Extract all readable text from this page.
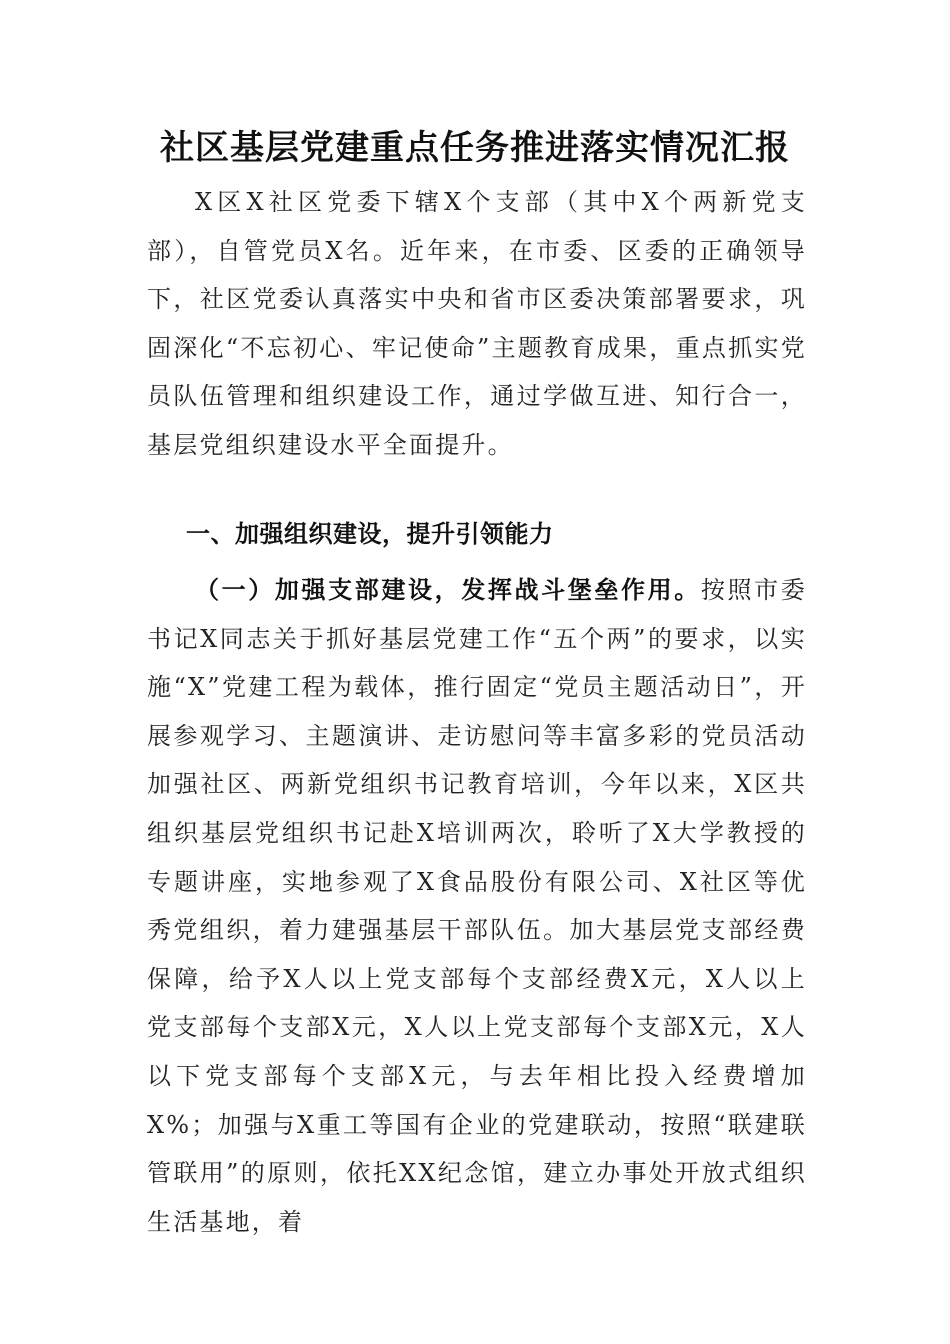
社区基层党建重点任务推进落实情况汇报

X区X社区党委下辖X个支部（其中X个两新党支部），自管党员X名。近年来，在市委、区委的正确领导下，社区党委认真落实中央和省市区委决策部署要求，巩固深化“不忘初心、牢记使命”主题教育成果，重点抓实党员队伍管理和组织建设工作，通过学做互进、知行合一，基层党组织建设水平全面提升。

一、加强组织建设，提升引领能力

（一）加强支部建设，发挥战斗堡垒作用。按照市委书记X同志关于抓好基层党建工作“五个两”的要求，以实施“X”党建工程为载体，推行固定“党员主题活动日”，开展参观学习、主题演讲、走访慰问等丰富多彩的党员活动加强社区、两新党组织书记教育培训，今年以来，X区共组织基层党组织书记赴X培训两次，聆听了X大学教授的专题讲座，实地参观了X食品股份有限公司、X社区等优秀党组织，着力建强基层干部队伍。加大基层党支部经费保障，给予X人以上党支部每个支部经费X元，X人以上党支部每个支部X元，X人以上党支部每个支部X元，X人以下党支部每个支部X元，与去年相比投入经费增加X%；加强与X重工等国有企业的党建联动，按照“联建联管联用”的原则，依托XX纪念馆，建立办事处开放式组织生活基地，着
